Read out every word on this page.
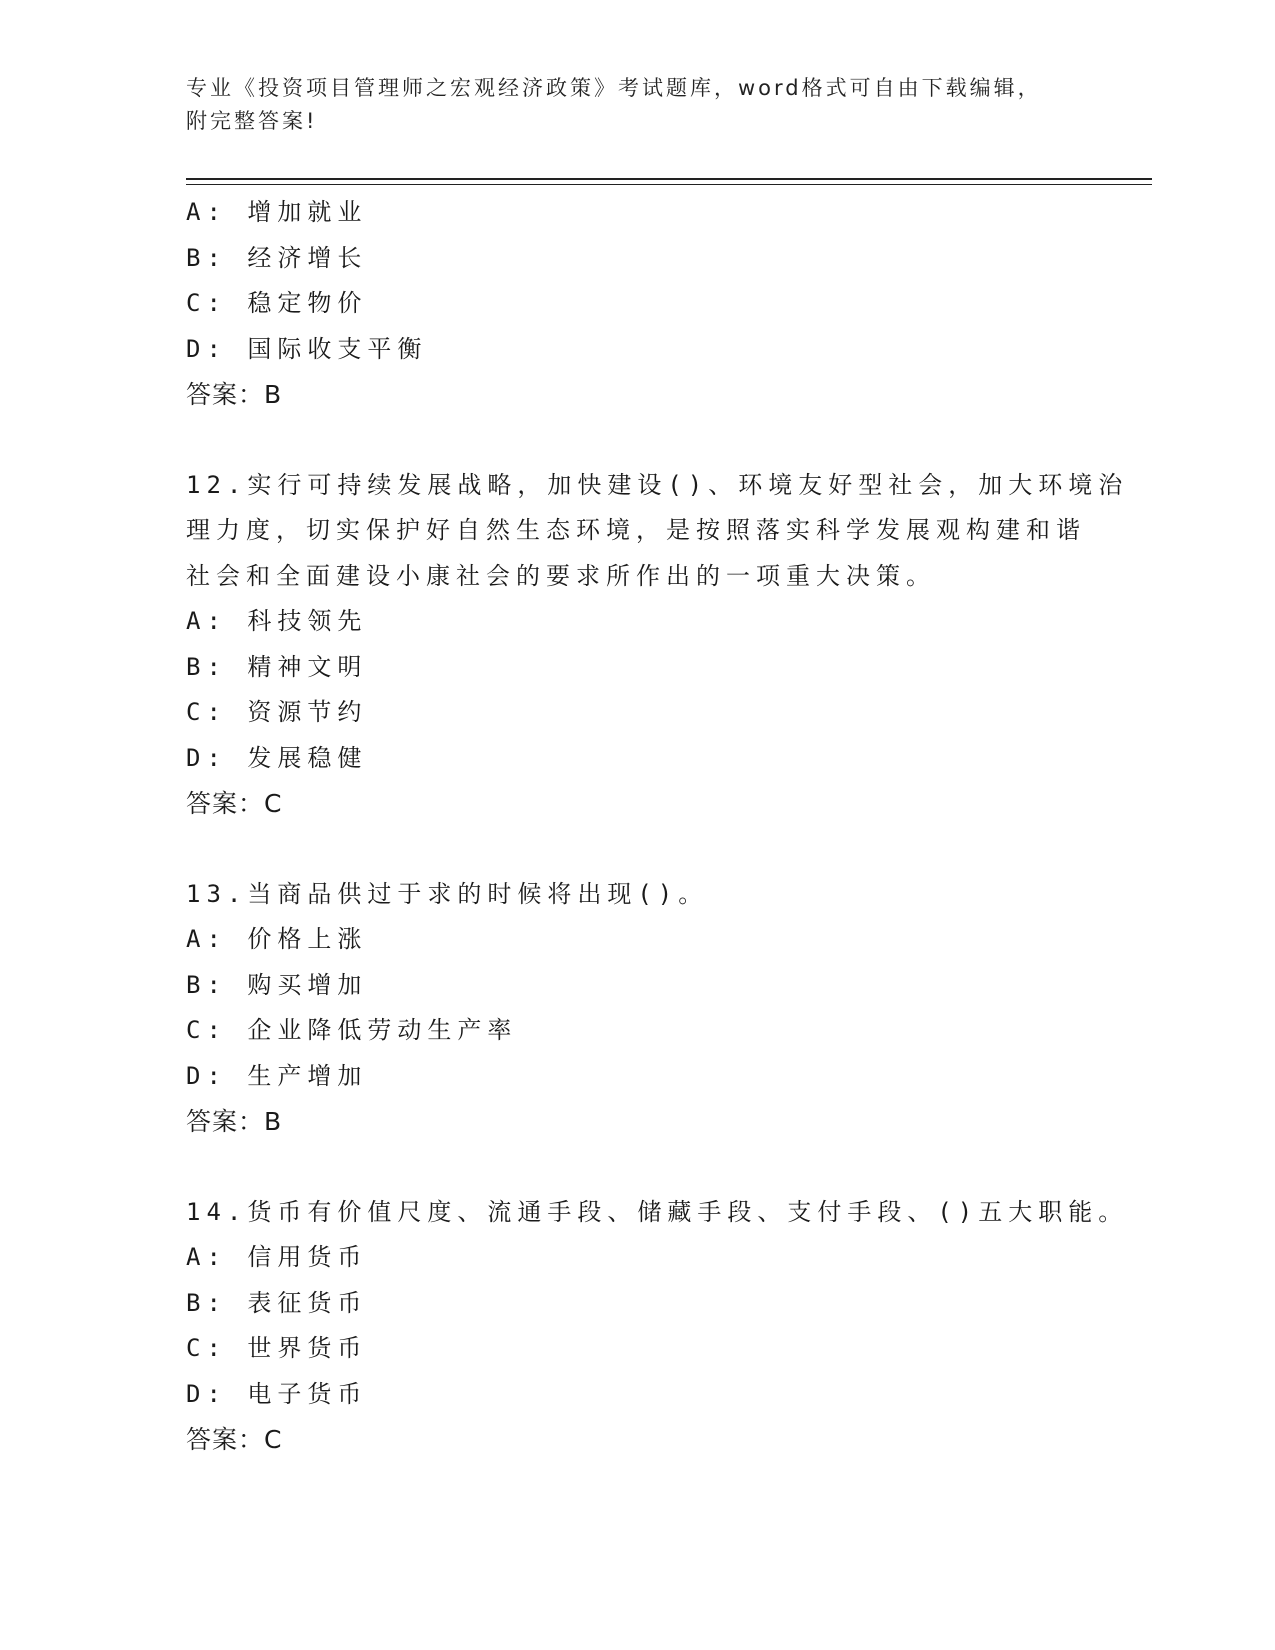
专业《投资项目管理师之宏观经济政策》考试题库，word格式可自由下载编辑，
附完整答案!
A: 增加就业
B: 经济增长
C: 稳定物价
D: 国际收支平衡
答案：B
12.实行可持续发展战略，加快建设()、环境友好型社会，加大环境治
理力度，切实保护好自然生态环境，是按照落实科学发展观构建和谐
社会和全面建设小康社会的要求所作出的一项重大决策。
A: 科技领先
B: 精神文明
C: 资源节约
D: 发展稳健
答案：C
13.当商品供过于求的时候将出现()。
A: 价格上涨
B: 购买增加
C: 企业降低劳动生产率
D: 生产增加
答案：B
14.货币有价值尺度、流通手段、储藏手段、支付手段、()五大职能。
A: 信用货币
B: 表征货币
C: 世界货币
D: 电子货币
答案：C
